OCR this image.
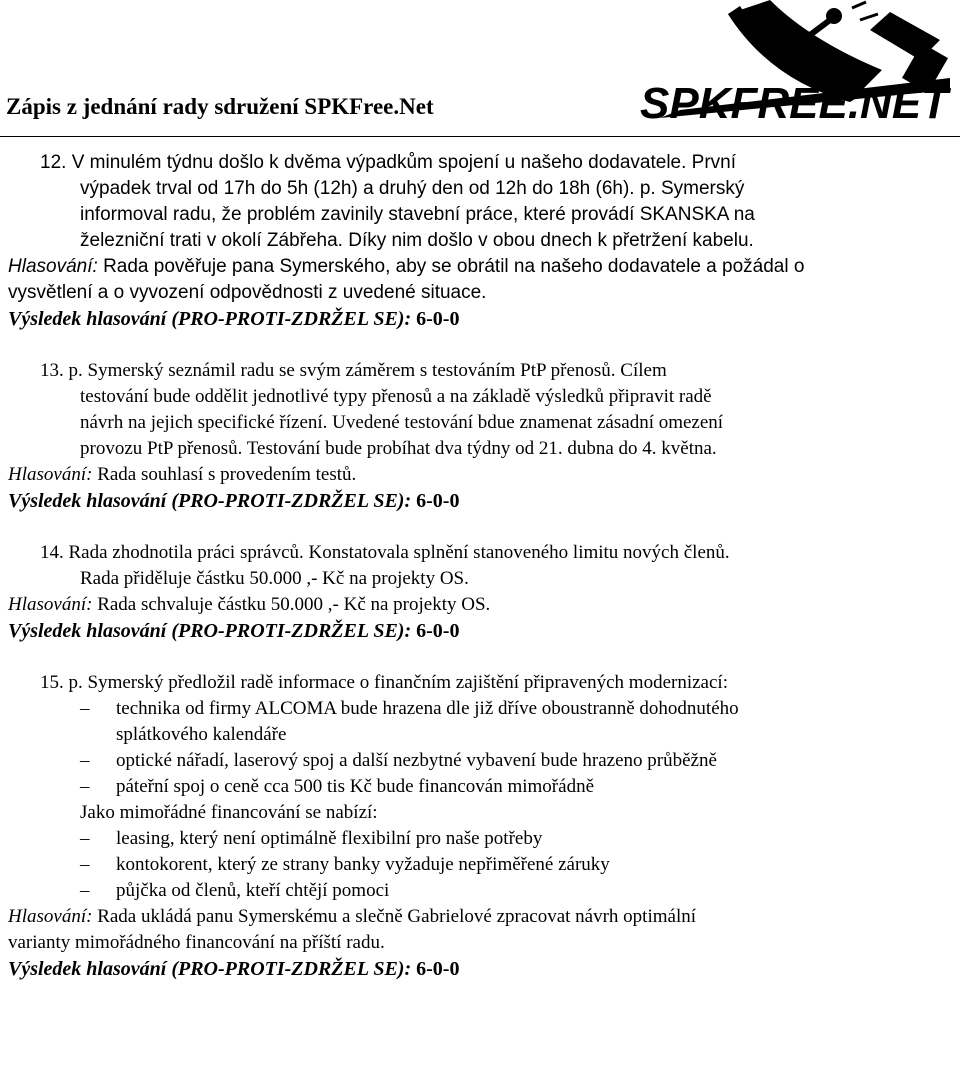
Zápis z jednání rady sdružení SPKFree.Net	SPKFREE.NET
12. V minulém týdnu došlo k dvěma výpadkům spojení u našeho dodavatele. První
výpadek trval od 17h do 5h (12h) a druhý den od 12h do 18h (6h). p. Symerský
informoval radu, že problém zavinily stavební práce, které provádí SKANSKA na
železniční trati v okolí Zábřeha. Díky nim došlo v obou dnech k přetržení kabelu.
Hlasování: Rada pověřuje pana Symerského, aby se obrátil na našeho dodavatele a požádal o
vysvětlení a o vyvození odpovědnosti z uvedené situace.
Výsledek hlasování (PRO-PROTI-ZDRŽEL SE): 6-0-0
13. p. Symerský seznámil radu se svým záměrem s testováním PtP přenosů. Cílem
testování bude oddělit jednotlivé typy přenosů a na základě výsledků připravit radě
návrh na jejich specifické řízení. Uvedené testování bdue znamenat zásadní omezení
provozu PtP přenosů. Testování bude probíhat dva týdny od 21. dubna do 4. května.
Hlasování: Rada souhlasí s provedením testů.
Výsledek hlasování (PRO-PROTI-ZDRŽEL SE): 6-0-0
14. Rada zhodnotila práci správců. Konstatovala splnění stanoveného limitu nových členů.
Rada přiděluje částku 50.000 ,- Kč na projekty OS.
Hlasování: Rada schvaluje částku 50.000 ,- Kč na projekty OS.
Výsledek hlasování (PRO-PROTI-ZDRŽEL SE): 6-0-0
15. p. Symerský předložil radě informace o finančním zajištění připravených modernizací:
– technika od firmy ALCOMA bude hrazena dle již dříve oboustranně dohodnutého
splátkového kalendáře
– optické nářadí, laserový spoj a další nezbytné vybavení bude hrazeno průběžně
– páteřní spoj o ceně cca 500 tis Kč bude financován mimořádně
Jako mimořádné financování se nabízí:
– leasing, který není optimálně flexibilní pro naše potřeby
– kontokorent, který ze strany banky vyžaduje nepřiměřené záruky
– půjčka od členů, kteří chtějí pomoci
Hlasování: Rada ukládá panu Symerskému a slečně Gabrielové zpracovat návrh optimální
varianty mimořádného financování na příští radu.
Výsledek hlasování (PRO-PROTI-ZDRŽEL SE): 6-0-0
